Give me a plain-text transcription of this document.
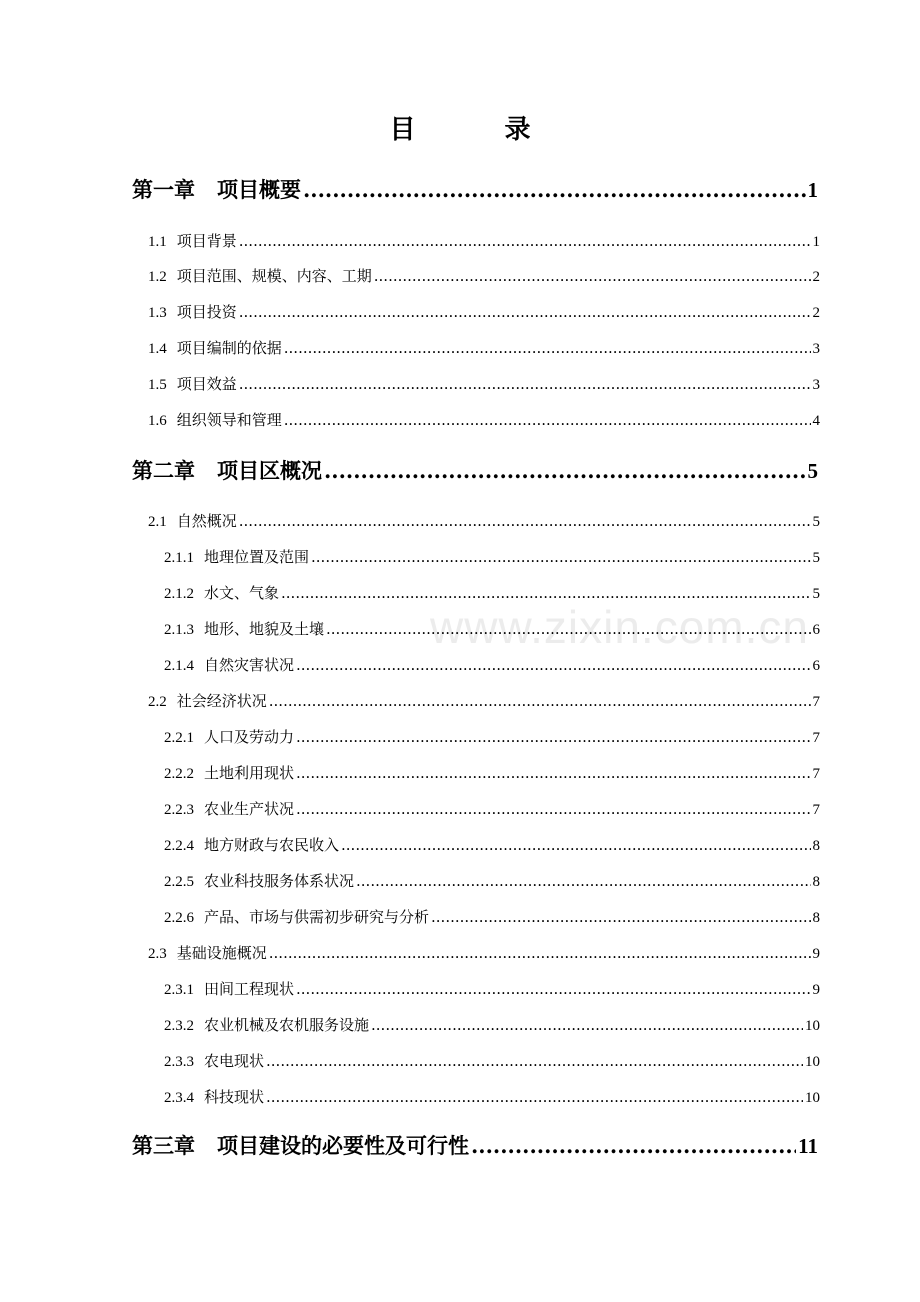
目 录
www.zixin.com.cn
第一章 项目概要 .....	1
1.1 项目背景 .....	1
1.2 项目范围、规模、内容、工期 .....	2
1.3 项目投资 .....	2
1.4 项目编制的依据 .....	3
1.5 项目效益 .....	3
1.6 组织领导和管理 .....	4
第二章 项目区概况 .....	5
2.1 自然概况 .....	5
2.1.1 地理位置及范围 .....	5
2.1.2 水文、气象 .....	5
2.1.3 地形、地貌及土壤 .....	6
2.1.4 自然灾害状况 .....	6
2.2 社会经济状况 .....	7
2.2.1 人口及劳动力 .....	7
2.2.2 土地利用现状 .....	7
2.2.3 农业生产状况 .....	7
2.2.4 地方财政与农民收入 .....	8
2.2.5 农业科技服务体系状况 .....	8
2.2.6 产品、市场与供需初步研究与分析 .....	8
2.3 基础设施概况 .....	9
2.3.1 田间工程现状 .....	9
2.3.2 农业机械及农机服务设施 .....	10
2.3.3 农电现状 .....	10
2.3.4 科技现状 .....	10
第三章 项目建设的必要性及可行性 .....	11
